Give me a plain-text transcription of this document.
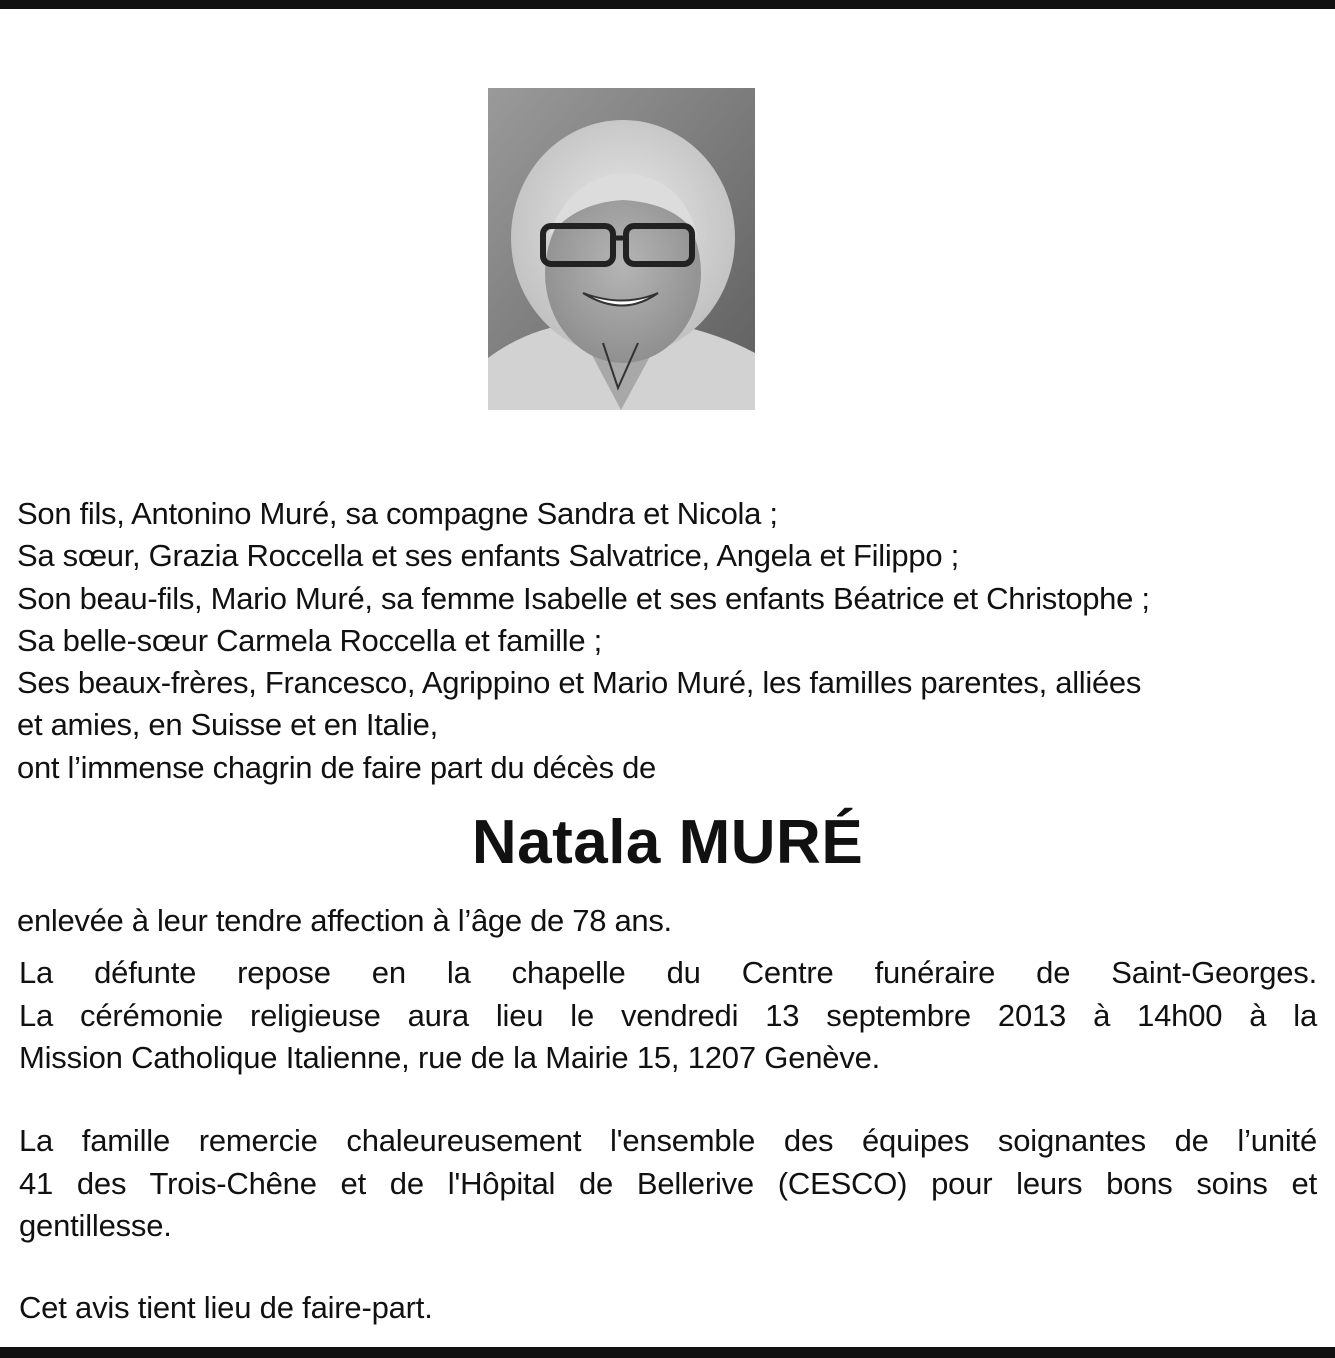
Son fils, Antonino Muré, sa compagne Sandra et Nicola ;
Sa sœur, Grazia Roccella et ses enfants Salvatrice, Angela et Filippo ;
Son beau-fils, Mario Muré, sa femme Isabelle et ses enfants Béatrice et Christophe ;
Sa belle-sœur Carmela Roccella et famille ;
Ses beaux-frères, Francesco, Agrippino et Mario Muré, les familles parentes, alliées
et amies, en Suisse et en Italie,
ont l’immense chagrin de faire part du décès de
Natala MURÉ
enlevée à leur tendre affection à l’âge de 78 ans.
La défunte repose en la chapelle du Centre funéraire de Saint-Georges.
La cérémonie religieuse aura lieu le vendredi 13 septembre 2013 à 14h00 à la
Mission Catholique Italienne, rue de la Mairie 15, 1207 Genève.
La famille remercie chaleureusement l'ensemble des équipes soignantes de l’unité
41 des Trois-Chêne et de l'Hôpital de Bellerive (CESCO) pour leurs bons soins et
gentillesse.
Cet avis tient lieu de faire-part.
